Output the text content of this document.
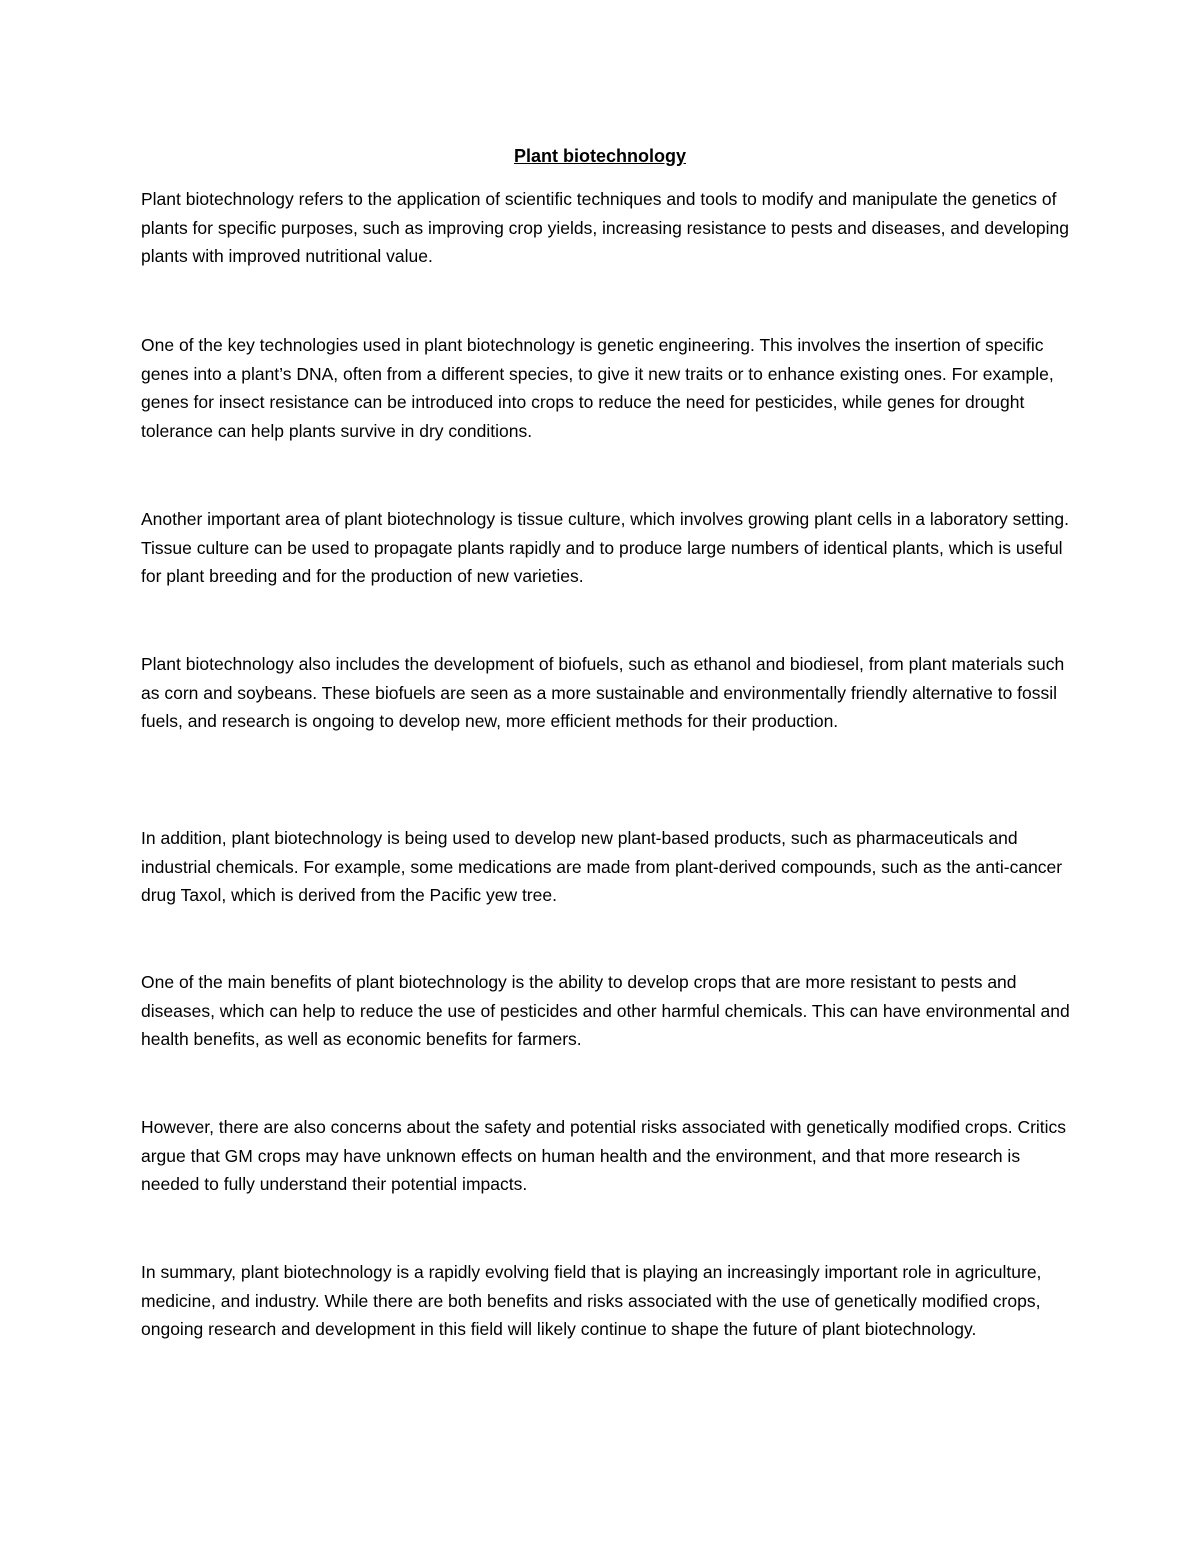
Plant biotechnology

Plant biotechnology refers to the application of scientific techniques and tools to modify and manipulate the genetics of plants for specific purposes, such as improving crop yields, increasing resistance to pests and diseases, and developing plants with improved nutritional value.

One of the key technologies used in plant biotechnology is genetic engineering. This involves the insertion of specific genes into a plant’s DNA, often from a different species, to give it new traits or to enhance existing ones. For example, genes for insect resistance can be introduced into crops to reduce the need for pesticides, while genes for drought tolerance can help plants survive in dry conditions.

Another important area of plant biotechnology is tissue culture, which involves growing plant cells in a laboratory setting. Tissue culture can be used to propagate plants rapidly and to produce large numbers of identical plants, which is useful for plant breeding and for the production of new varieties.

Plant biotechnology also includes the development of biofuels, such as ethanol and biodiesel, from plant materials such as corn and soybeans. These biofuels are seen as a more sustainable and environmentally friendly alternative to fossil fuels, and research is ongoing to develop new, more efficient methods for their production.

In addition, plant biotechnology is being used to develop new plant-based products, such as pharmaceuticals and industrial chemicals. For example, some medications are made from plant-derived compounds, such as the anti-cancer drug Taxol, which is derived from the Pacific yew tree.

One of the main benefits of plant biotechnology is the ability to develop crops that are more resistant to pests and diseases, which can help to reduce the use of pesticides and other harmful chemicals. This can have environmental and health benefits, as well as economic benefits for farmers.

However, there are also concerns about the safety and potential risks associated with genetically modified crops. Critics argue that GM crops may have unknown effects on human health and the environment, and that more research is needed to fully understand their potential impacts.

In summary, plant biotechnology is a rapidly evolving field that is playing an increasingly important role in agriculture, medicine, and industry. While there are both benefits and risks associated with the use of genetically modified crops, ongoing research and development in this field will likely continue to shape the future of plant biotechnology.
